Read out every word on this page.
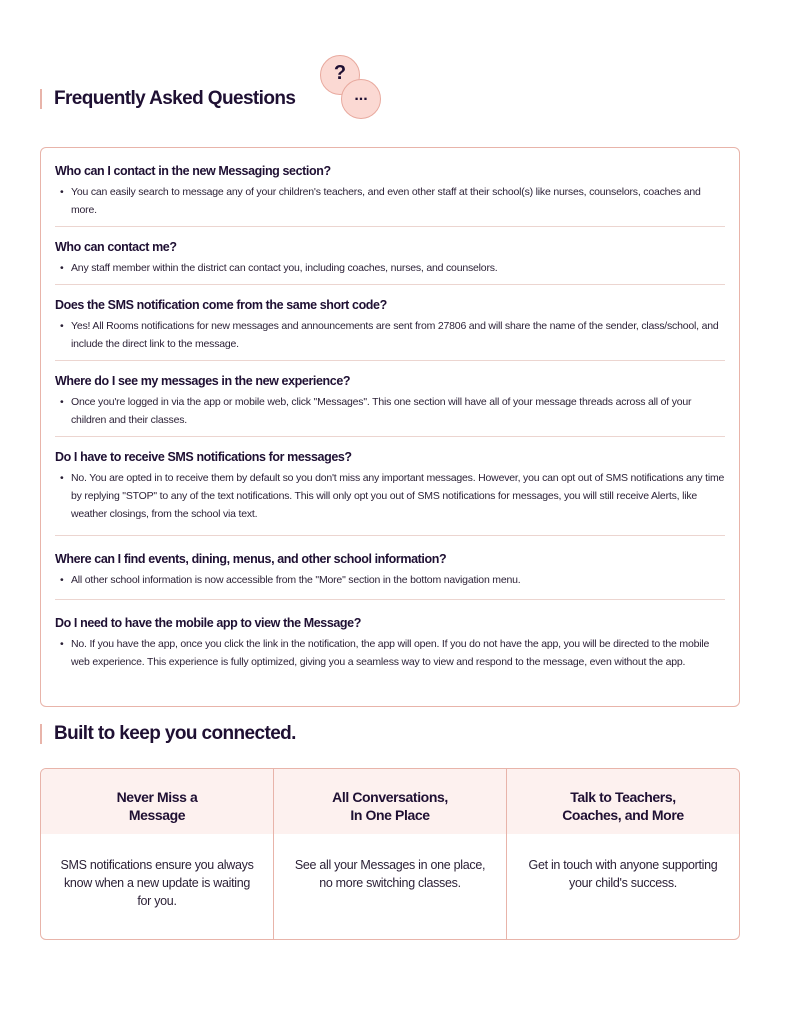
Frequently Asked Questions
?
...
Who can I contact in the new Messaging section?
• You can easily search to message any of your children's teachers, and even other staff at their school(s) like nurses, counselors, coaches and more.
Who can contact me?
• Any staff member within the district can contact you, including coaches, nurses, and counselors.
Does the SMS notification come from the same short code?
• Yes! All Rooms notifications for new messages and announcements are sent from 27806 and will share the name of the sender, class/school, and include the direct link to the message.
Where do I see my messages in the new experience?
• Once you're logged in via the app or mobile web, click "Messages". This one section will have all of your message threads across all of your children and their classes.
Do I have to receive SMS notifications for messages?
• No. You are opted in to receive them by default so you don't miss any important messages. However, you can opt out of SMS notifications any time by replying "STOP" to any of the text notifications. This will only opt you out of SMS notifications for messages, you will still receive Alerts, like weather closings, from the school via text.
Where can I find events, dining, menus, and other school information?
• All other school information is now accessible from the "More" section in the bottom navigation menu.
Do I need to have the mobile app to view the Message?
• No. If you have the app, once you click the link in the notification, the app will open. If you do not have the app, you will be directed to the mobile web experience. This experience is fully optimized, giving you a seamless way to view and respond to the message, even without the app.
Built to keep you connected.
Never Miss a
Message
SMS notifications ensure you always know when a new update is waiting for you.
All Conversations,
In One Place
See all your Messages in one place, no more switching classes.
Talk to Teachers,
Coaches, and More
Get in touch with anyone supporting your child's success.
